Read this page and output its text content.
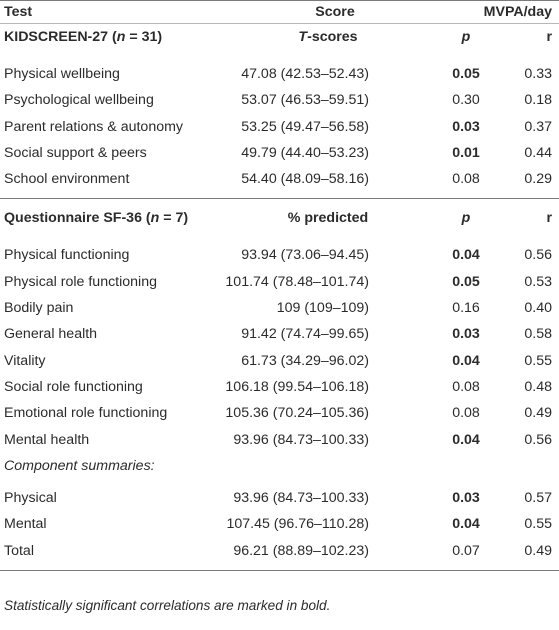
Test	Score	MVPA/day
KIDSCREEN-27 (n = 31)	T-scores	p	r
Physical wellbeing	47.08 (42.53–52.43)	0.05	0.33
Psychological wellbeing	53.07 (46.53–59.51)	0.30	0.18
Parent relations & autonomy	53.25 (49.47–56.58)	0.03	0.37
Social support & peers	49.79 (44.40–53.23)	0.01	0.44
School environment	54.40 (48.09–58.16)	0.08	0.29
Questionnaire SF-36 (n = 7)	% predicted	p	r
Physical functioning	93.94 (73.06–94.45)	0.04	0.56
Physical role functioning	101.74 (78.48–101.74)	0.05	0.53
Bodily pain	109 (109–109)	0.16	0.40
General health	91.42 (74.74–99.65)	0.03	0.58
Vitality	61.73 (34.29–96.02)	0.04	0.55
Social role functioning	106.18 (99.54–106.18)	0.08	0.48
Emotional role functioning	105.36 (70.24–105.36)	0.08	0.49
Mental health	93.96 (84.73–100.33)	0.04	0.56
Component summaries:
Physical	93.96 (84.73–100.33)	0.03	0.57
Mental	107.45 (96.76–110.28)	0.04	0.55
Total	96.21 (88.89–102.23)	0.07	0.49
Statistically significant correlations are marked in bold.
